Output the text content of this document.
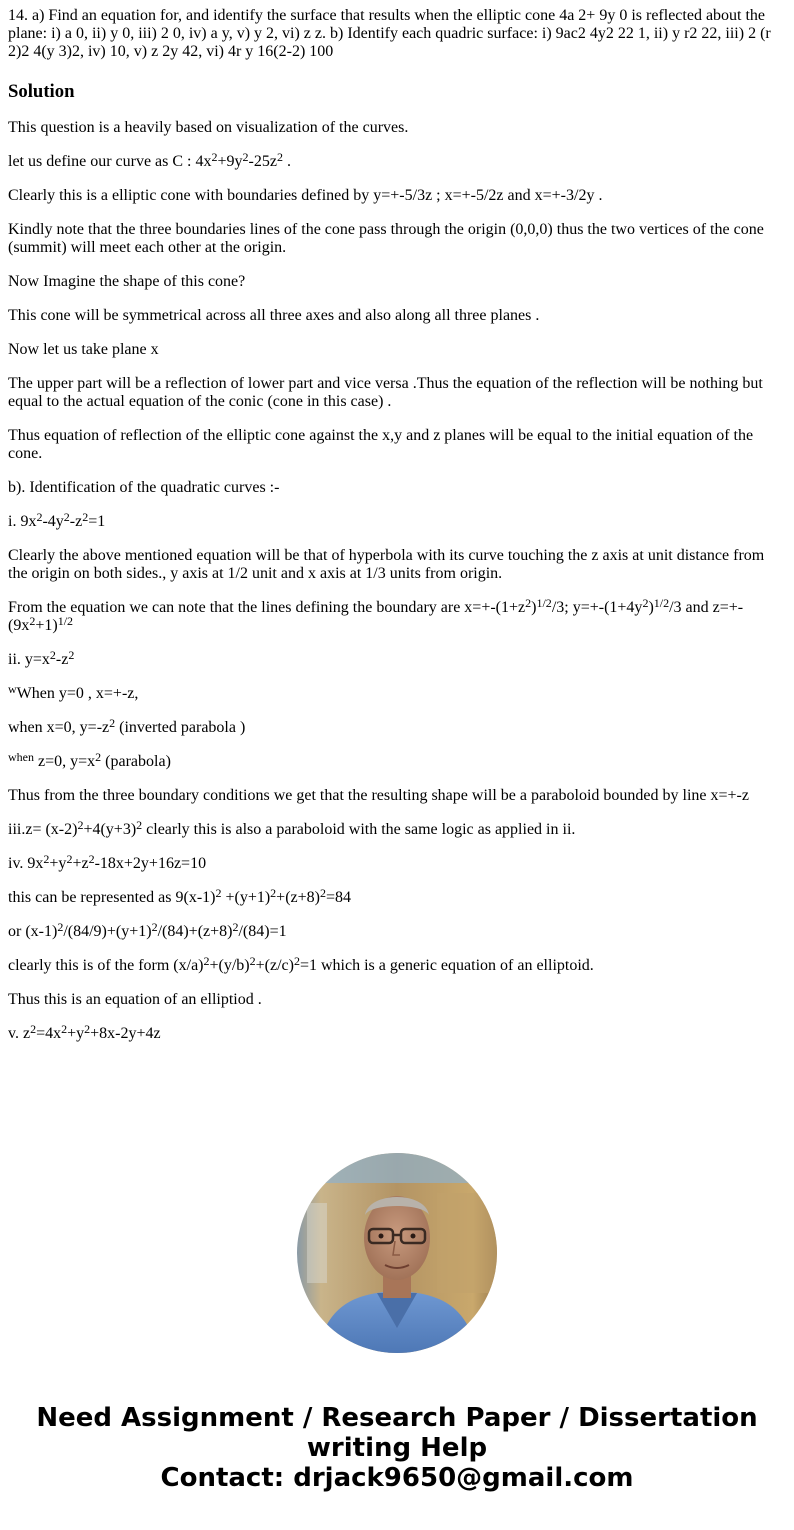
14. a) Find an equation for, and identify the surface that results when the elliptic cone 4a 2+ 9y 0 is reflected about the plane: i) a 0, ii) y 0, iii) 2 0, iv) a y, v) y 2, vi) z z. b) Identify each quadric surface: i) 9ac2 4y2 22 1, ii) y r2 22, iii) 2 (r 2)2 4(y 3)2, iv) 10, v) z 2y 42, vi) 4r y 16(2-2) 100
Solution
This question is a heavily based on visualization of the curves.
let us define our curve as C : $4x^2+9y^2-25z^2$ .
Clearly this is a elliptic cone with boundaries defined by y=+-5/3z ; x=+-5/2z and x=+-3/2y .
Kindly note that the three boundaries lines of the cone pass through the origin (0,0,0) thus the two vertices of the cone (summit) will meet each other at the origin.
Now Imagine the shape of this cone?
This cone will be symmetrical across all three axes and also along all three planes .
Now let us take plane x
The upper part will be a reflection of lower part and vice versa .Thus the equation of the reflection will be nothing but equal to the actual equation of the conic (cone in this case) .
Thus equation of reflection of the elliptic cone against the x,y and z planes will be equal to the initial equation of the cone.
b). Identification of the quadratic curves :-
i. $9x^2-4y^2-z^2=1$
Clearly the above mentioned equation will be that of hyperbola with its curve touching the z axis at unit distance from the origin on both sides., y axis at 1/2 unit and x axis at 1/3 units from origin.
From the equation we can note that the lines defining the boundary are $x=+-(1+z^2)^{1/2}/3$; $y=+-(1+4y^2)^{1/2}/3$ and $z=+-(9x^2+1)^{1/2}$
ii. $y=x^2-z^2$
$^w$When y=0 , x=+-z,
when x=0, $y=-z^2$ (inverted parabola )
$^{when}$ z=0, $y=x^2$ (parabola)
Thus from the three boundary conditions we get that the resulting shape will be a paraboloid bounded by line x=+-z
$iii.z= (x-2)^2+4(y+3)^2$ clearly this is also a paraboloid with the same logic as applied in ii.
iv. $9x^2+y^2+z^2-18x+2y+16z=10$
this can be represented as $9(x-1)^2 +(y+1)^2+(z+8)^2=84$
or $(x-1)^2/(84/9)+(y+1)^2/(84)+(z+8)^2/(84)=1$
clearly this is of the form $(x/a)^2+(y/b)^2+(z/c)^2=1$ which is a generic equation of an elliptoid.
Thus this is an equation of an elliptiod .
v. $z^2=4x^2+y^2+8x-2y+4z$
Need Assignment / Research Paper / Dissertation
writing Help
Contact: drjack9650@gmail.com
